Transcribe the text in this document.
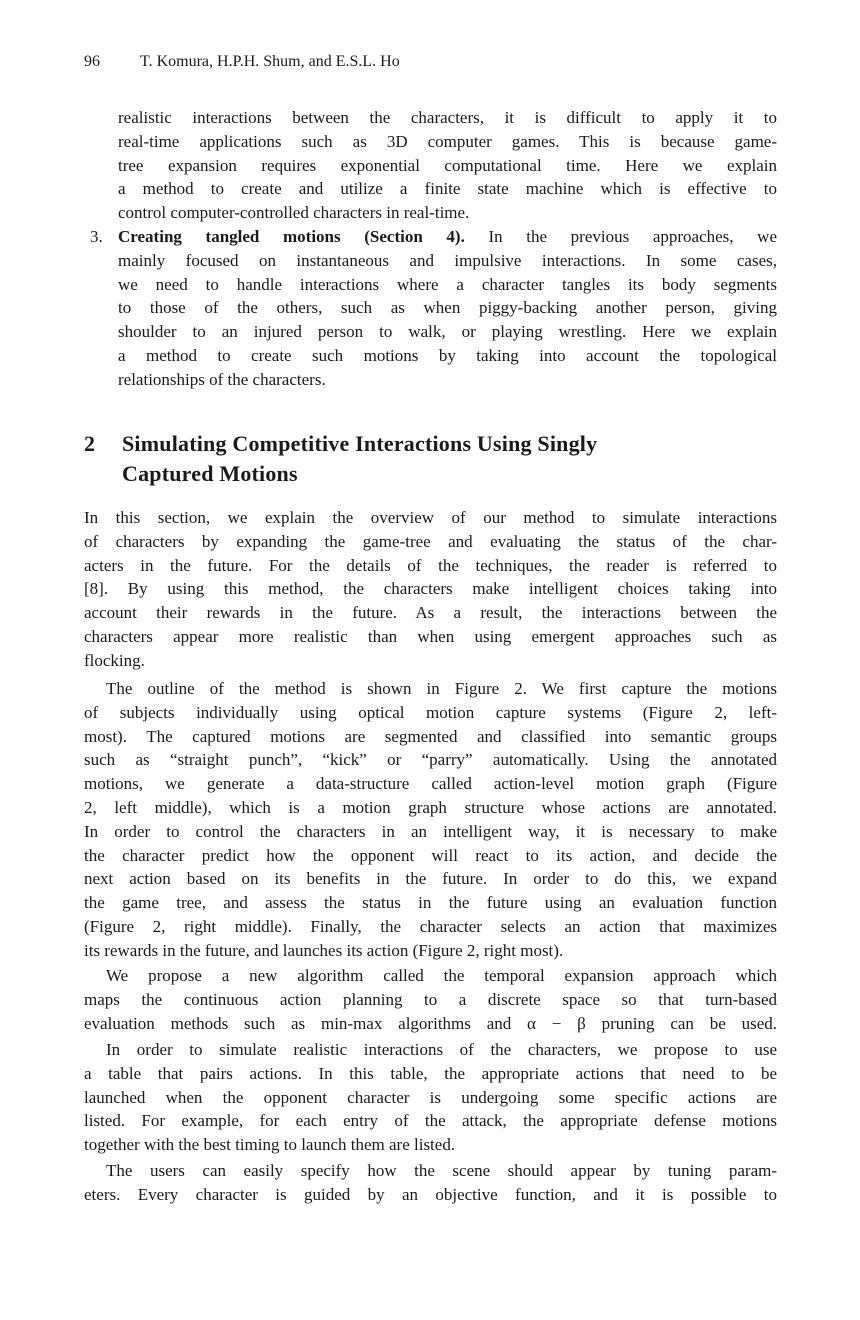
96	T. Komura, H.P.H. Shum, and E.S.L. Ho
realistic interactions between the characters, it is difficult to apply it to
real-time applications such as 3D computer games. This is because game-
tree expansion requires exponential computational time. Here we explain
a method to create and utilize a finite state machine which is effective to
control computer-controlled characters in real-time.
3. Creating tangled motions (Section 4). In the previous approaches, we
mainly focused on instantaneous and impulsive interactions. In some cases,
we need to handle interactions where a character tangles its body segments
to those of the others, such as when piggy-backing another person, giving
shoulder to an injured person to walk, or playing wrestling. Here we explain
a method to create such motions by taking into account the topological
relationships of the characters.
2 Simulating Competitive Interactions Using Singly
Captured Motions
In this section, we explain the overview of our method to simulate interactions
of characters by expanding the game-tree and evaluating the status of the char-
acters in the future. For the details of the techniques, the reader is referred to
[8]. By using this method, the characters make intelligent choices taking into
account their rewards in the future. As a result, the interactions between the
characters appear more realistic than when using emergent approaches such as
flocking.
The outline of the method is shown in Figure 2. We first capture the motions
of subjects individually using optical motion capture systems (Figure 2, left-
most). The captured motions are segmented and classified into semantic groups
such as “straight punch”, “kick” or “parry” automatically. Using the annotated
motions, we generate a data-structure called action-level motion graph (Figure
2, left middle), which is a motion graph structure whose actions are annotated.
In order to control the characters in an intelligent way, it is necessary to make
the character predict how the opponent will react to its action, and decide the
next action based on its benefits in the future. In order to do this, we expand
the game tree, and assess the status in the future using an evaluation function
(Figure 2, right middle). Finally, the character selects an action that maximizes
its rewards in the future, and launches its action (Figure 2, right most).
We propose a new algorithm called the temporal expansion approach which
maps the continuous action planning to a discrete space so that turn-based
evaluation methods such as min-max algorithms and α − β pruning can be used.
In order to simulate realistic interactions of the characters, we propose to use
a table that pairs actions. In this table, the appropriate actions that need to be
launched when the opponent character is undergoing some specific actions are
listed. For example, for each entry of the attack, the appropriate defense motions
together with the best timing to launch them are listed.
The users can easily specify how the scene should appear by tuning param-
eters. Every character is guided by an objective function, and it is possible to
